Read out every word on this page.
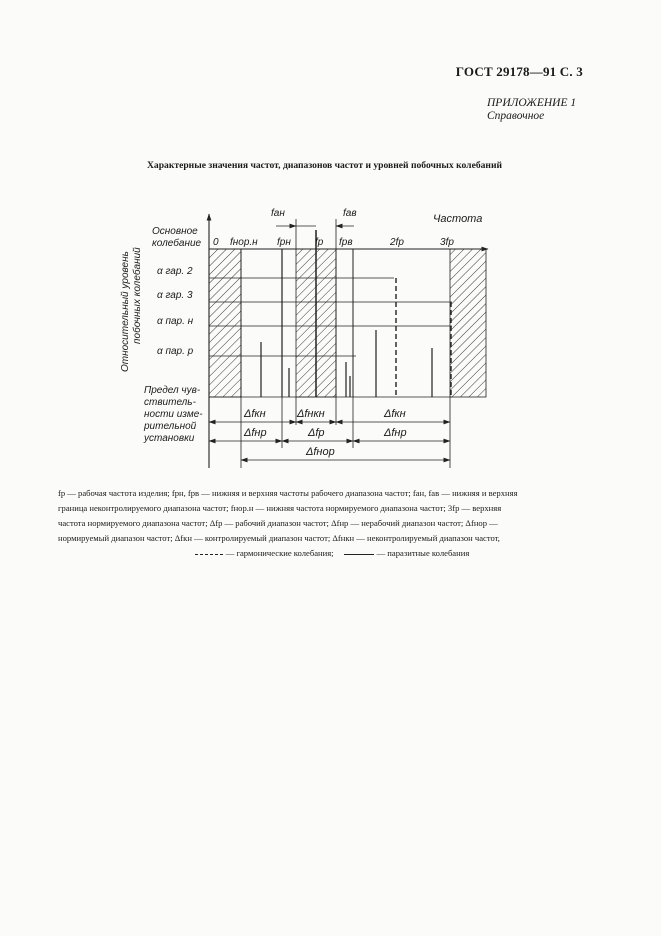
ГОСТ 29178—91 С. 3
ПРИЛОЖЕНИЕ 1
Справочное
Характерные значения частот, диапазонов частот и уровней побочных колебаний
Частота
fан	fав
0 fнор.н fрн fр fрв	2fр	3fр
Основное
колебание
α гар. 2
α гар. 3
α пар. н
α пар. р
Предел чув-
ствитель-
ности изме-
рительной
установки
Относительный уровень побочных колебаний
Δfкн	Δfнкн	Δfкн
Δfнр	Δfр	Δfнр
Δfнор

fр — рабочая частота изделия; fрн, fрв — нижняя и верхняя частоты рабочего диапазона частот; fан, fав — нижняя и верхняя

граница неконтролируемого диапазона частот; fнор.н — нижняя частота нормируемого диапазона частот; 3fр — верхняя

частота нормируемого диапазона частот; Δfр — рабочий диапазон частот; Δfнр — нерабочий диапазон частот; Δfнор —

нормируемый диапазон частот; Δfкн — контролируемый диапазон частот; Δfнкн — неконтролируемый диапазон частот,

— гармонические колебания;	— паразитные колебания
